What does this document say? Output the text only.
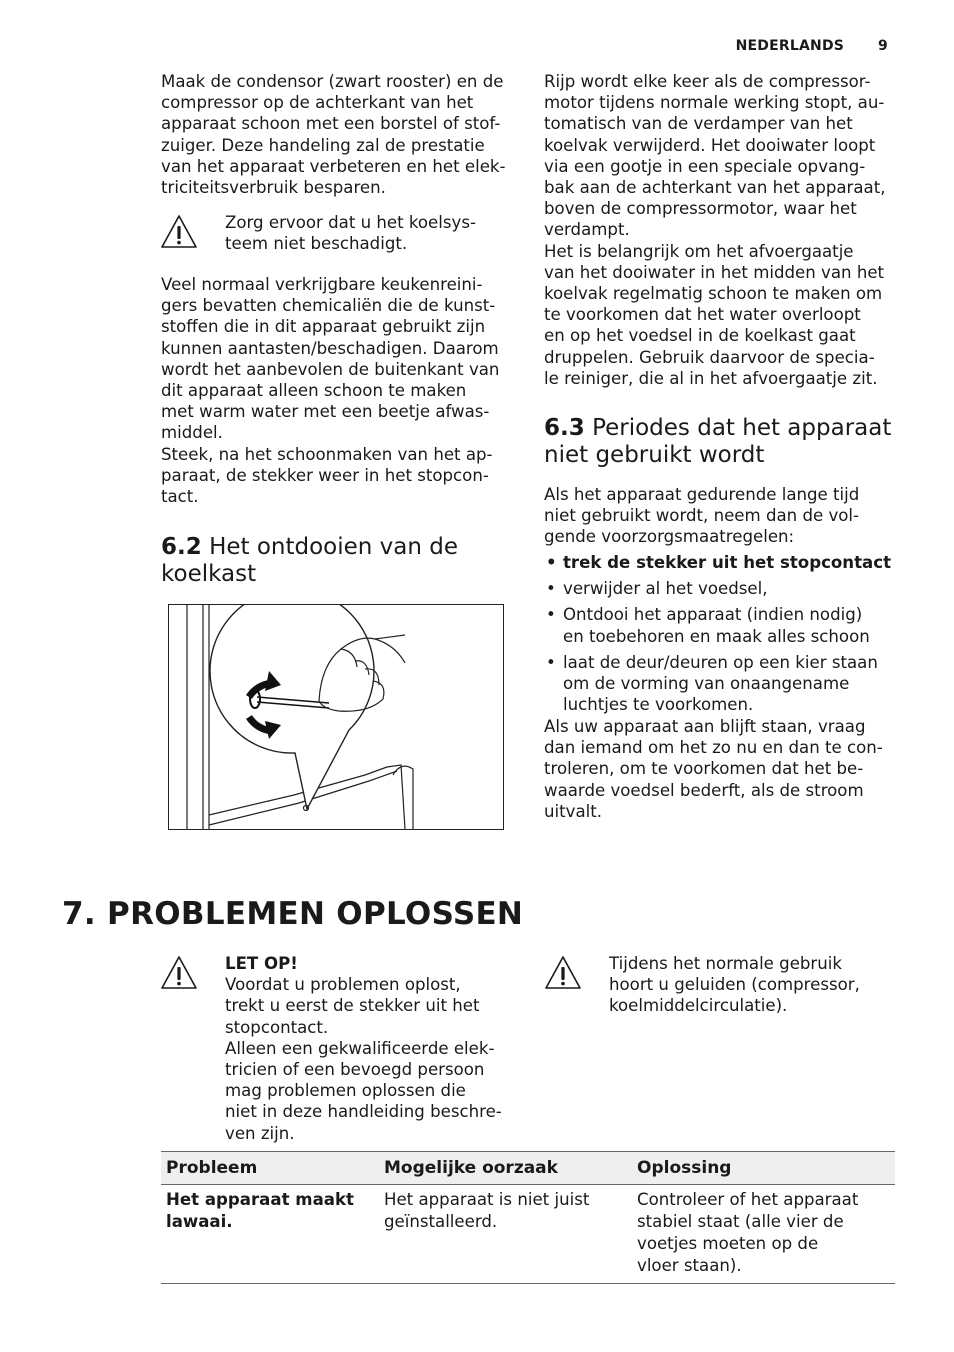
NEDERLANDS 9

Maak de condensor (zwart rooster) en de
compressor op de achterkant van het
apparaat schoon met een borstel of stof-
zuiger. Deze handeling zal de prestatie
van het apparaat verbeteren en het elek-
triciteitsverbruik besparen.

Zorg ervoor dat u het koelsys-
teem niet beschadigt.

Veel normaal verkrijgbare keukenreini-
gers bevatten chemicaliën die de kunst-
stoffen die in dit apparaat gebruikt zijn
kunnen aantasten/beschadigen. Daarom
wordt het aanbevolen de buitenkant van
dit apparaat alleen schoon te maken
met warm water met een beetje afwas-
middel.
Steek, na het schoonmaken van het ap-
paraat, de stekker weer in het stopcon-
tact.

6.2 Het ontdooien van de
koelkast

Rijp wordt elke keer als de compressor-
motor tijdens normale werking stopt, au-
tomatisch van de verdamper van het
koelvak verwijderd. Het dooiwater loopt
via een gootje in een speciale opvang-
bak aan de achterkant van het apparaat,
boven de compressormotor, waar het
verdampt.
Het is belangrijk om het afvoergaatje
van het dooiwater in het midden van het
koelvak regelmatig schoon te maken om
te voorkomen dat het water overloopt
en op het voedsel in de koelkast gaat
druppelen. Gebruik daarvoor de specia-
le reiniger, die al in het afvoergaatje zit.

6.3 Periodes dat het apparaat
niet gebruikt wordt

Als het apparaat gedurende lange tijd
niet gebruikt wordt, neem dan de vol-
gende voorzorgsmaatregelen:

• trek de stekker uit het stopcontact
• verwijder al het voedsel,
• Ontdooi het apparaat (indien nodig)
en toebehoren en maak alles schoon
• laat de deur/deuren op een kier staan
om de vorming van onaangename
luchtjes te voorkomen.

Als uw apparaat aan blijft staan, vraag
dan iemand om het zo nu en dan te con-
troleren, om te voorkomen dat het be-
waarde voedsel bederft, als de stroom
uitvalt.

7. PROBLEMEN OPLOSSEN

LET OP!

Voordat u problemen oplost,
trekt u eerst de stekker uit het
stopcontact.
Alleen een gekwalificeerde elek-
tricien of een bevoegd persoon
mag problemen oplossen die
niet in deze handleiding beschre-
ven zijn.

Tijdens het normale gebruik
hoort u geluiden (compressor,
koelmiddelcirculatie).

Probleem	Mogelijke oorzaak	Oplossing
Het apparaat maakt
lawaai.	Het apparaat is niet juist
geïnstalleerd.	Controleer of het apparaat
stabiel staat (alle vier de
voetjes moeten op de
vloer staan).
